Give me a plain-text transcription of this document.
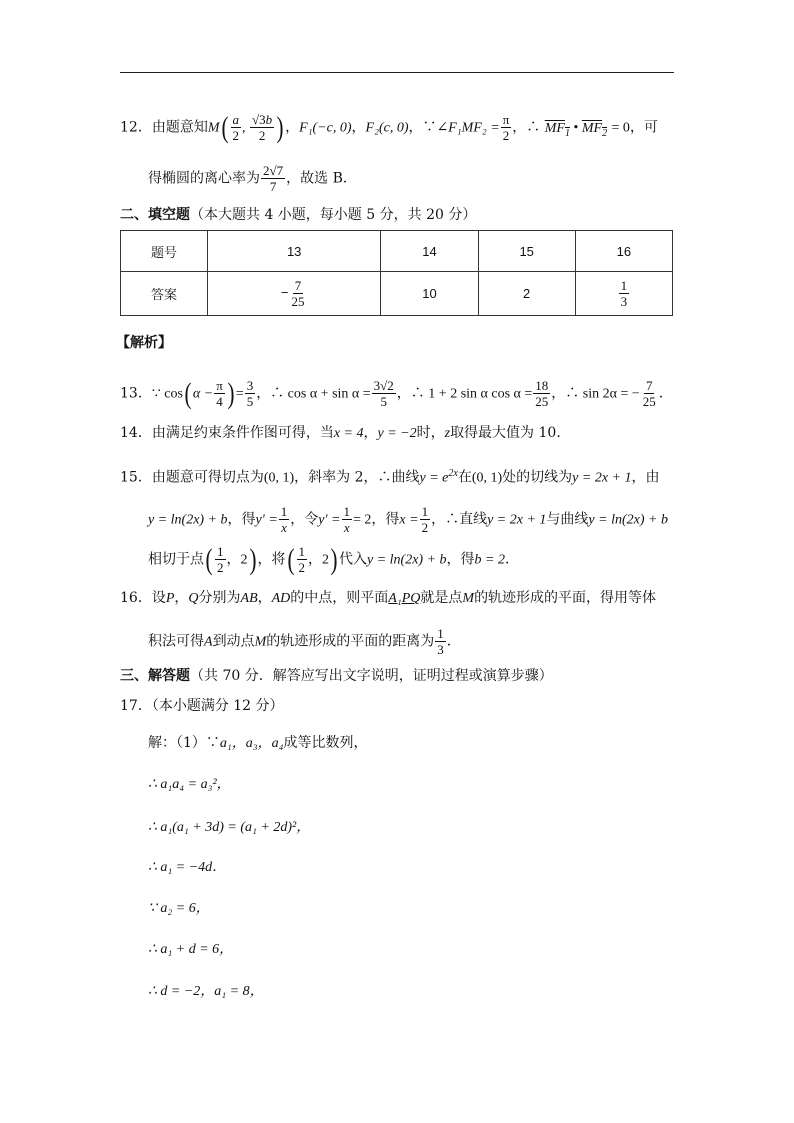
12．由题意知$M( \frac{a}{2}$ , $\frac{√3b}{2}$ ) ，F₁(−c, 0)，F₂(c, 0)，∵∠F₁MF₂ = $\frac{\pi}{2}$ ，∴ $MF_1$ • $MF_2 = 0$，可
得椭圆的离心率为 $\frac{2√7}{7}$ ，故选 B．
二、填空题（本大题共 4 小题，每小题 5 分，共 20 分）
题号	13	14	15	16
答案	− $\frac{7}{25}$	10	2	$\frac{1}{3}$
【解析】
13．∵ cos( $\alpha - \frac{\pi}{4}$ ) = $\frac{3}{5}$ ，∴ $\cos \alpha + \sin \alpha = \frac{3√2}{5}$ ，∴ 1 + 2 sin α $\cos \alpha = \frac{18}{25}$ ，∴ sin 2α = − $\frac{7}{25}$ ．
14．由满足约束条件作图可得，当x = 4，y = −2时，z取得最大值为 10．
15．由题意可得切点为(0, 1)，斜率为 2，∴曲线$y = e^{2x}$在(0, 1)处的切线为y = 2x + 1，由
y = ln(2x) + b，得$y' = \frac{1}{x}$ ，令$y' = \frac{1}{x} = 2$，得$x = \frac{1}{2}$ ，∴直线y = 2x + 1与曲线y = ln(2x) + b
相切于点( $\frac{1}{2}$ ，2) ，将( $\frac{1}{2}$ ，2) 代入y = ln(2x) + b，得b = 2．
16．设P，Q分别为AB，AD的中点，则平面A₁PQ就是点M的轨迹形成的平面，得用等体
积法可得A到动点M的轨迹形成的平面的距离为 $\frac{1}{3}$ ．
三、解答题（共 70 分．解答应写出文字说明，证明过程或演算步骤）
17．（本小题满分 12 分）
解：（1）∵a₁，a₃，a₄成等比数列，
∴ a₁a₄ = a₃²，
∴ a₁(a₁ + 3d) = (a₁ + 2d)²，
∴ a₁ = −4d．
∵ a₂ = 6，
∴ a₁ + d = 6，
∴ d = −2，a₁ = 8，
